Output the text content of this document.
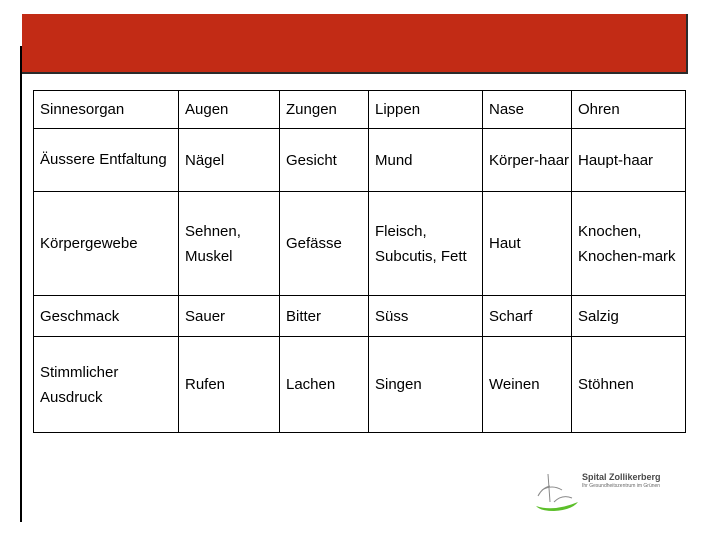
Sinnesorgan	Augen	Zungen	Lippen	Nase	Ohren
Äussere Entfaltung	Nägel	Gesicht	Mund	Körper-haar	Haupt-haar
Körpergewebe	Sehnen, Muskel	Gefässe	Fleisch, Subcutis, Fett	Haut	Knochen, Knochen-mark
Geschmack	Sauer	Bitter	Süss	Scharf	Salzig
Stimmlicher Ausdruck	Rufen	Lachen	Singen	Weinen	Stöhnen
Spital Zollikerberg
Ihr Gesundheitszentrum im Grünen
